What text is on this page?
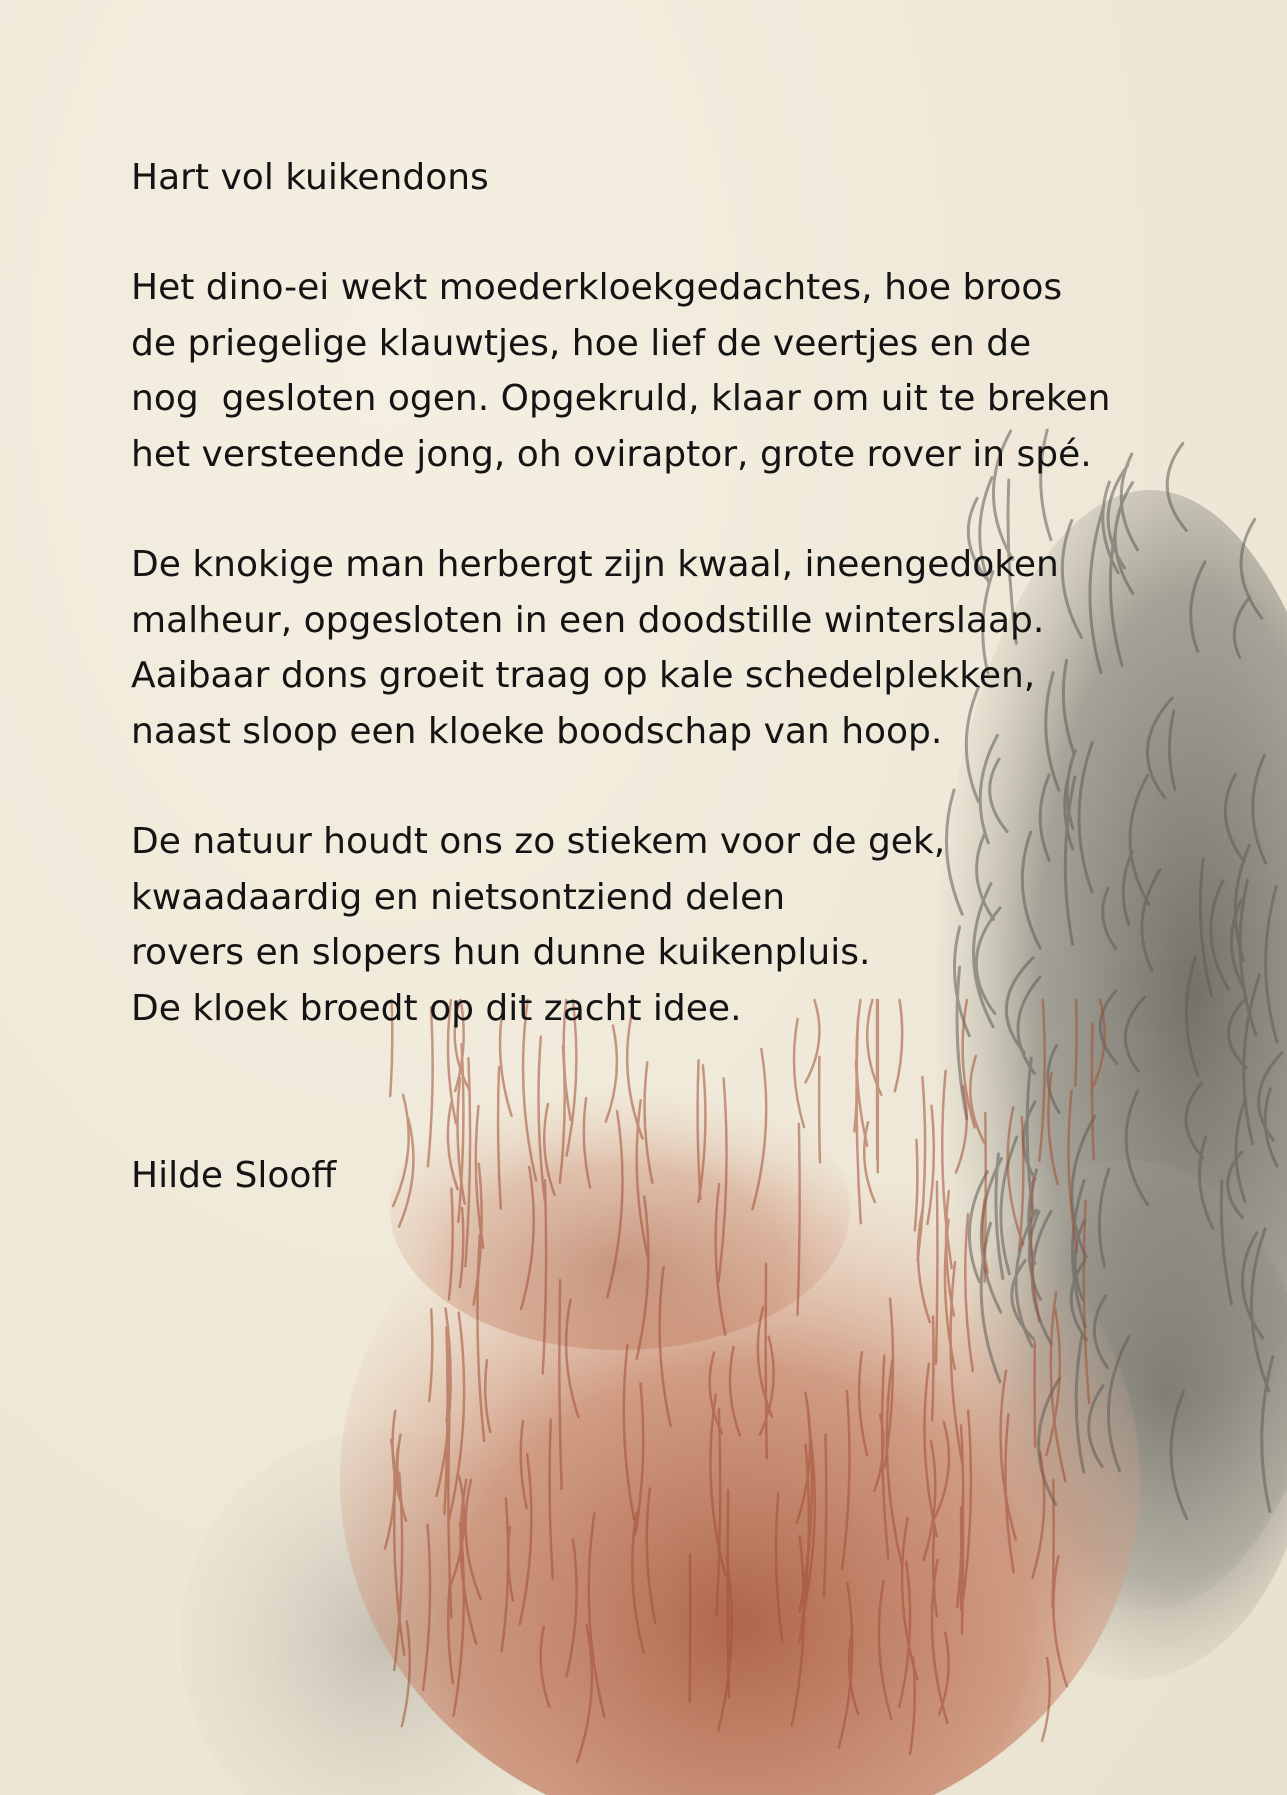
Hart vol kuikendons
Het dino-ei wekt moederkloekgedachtes, hoe broos
de priegelige klauwtjes, hoe lief de veertjes en de
nog  gesloten ogen. Opgekruld, klaar om uit te breken
het versteende jong, oh oviraptor, grote rover in spé.
De knokige man herbergt zijn kwaal, ineengedoken
malheur, opgesloten in een doodstille winterslaap.
Aaibaar dons groeit traag op kale schedelplekken,
naast sloop een kloeke boodschap van hoop.
De natuur houdt ons zo stiekem voor de gek,
kwaadaardig en nietsontziend delen
rovers en slopers hun dunne kuikenpluis.
De kloek broedt op dit zacht idee.
Hilde Slooff
